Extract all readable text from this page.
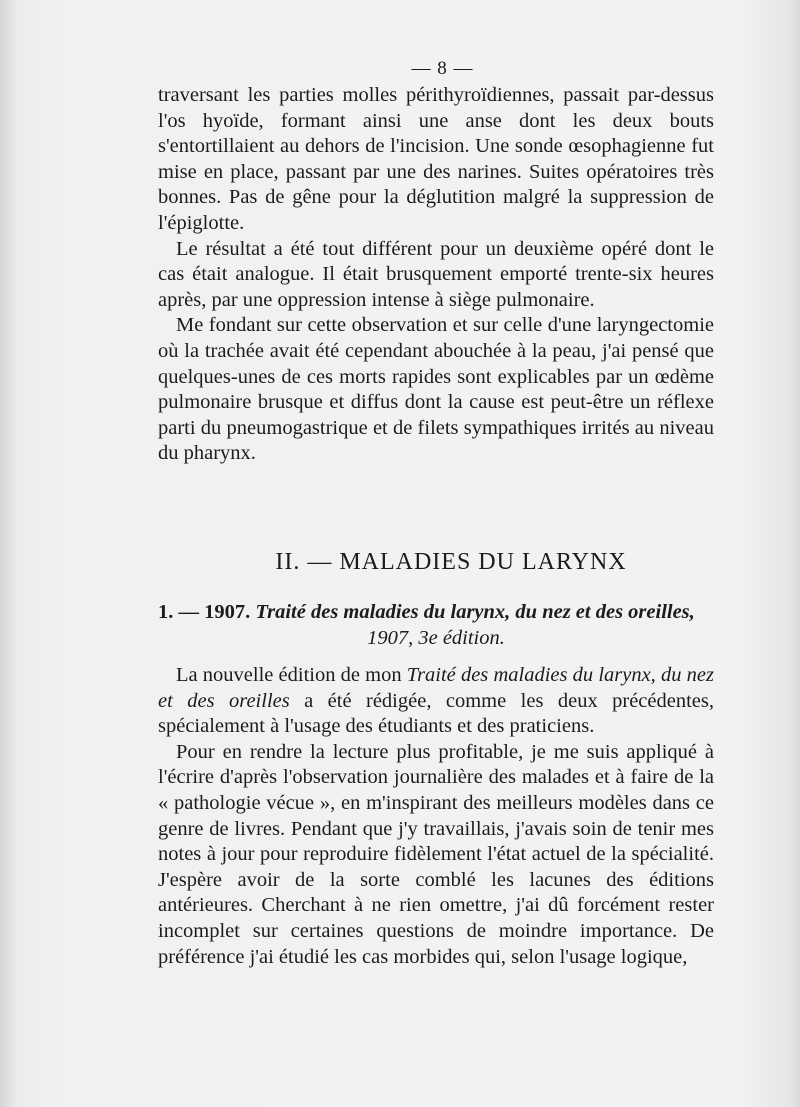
— 8 —

traversant les parties molles périthyroïdiennes, passait par-dessus l'os hyoïde, formant ainsi une anse dont les deux bouts s'entortillaient au dehors de l'incision. Une sonde œsophagienne fut mise en place, passant par une des narines. Suites opératoires très bonnes. Pas de gêne pour la déglutition malgré la suppression de l'épiglotte.

Le résultat a été tout différent pour un deuxième opéré dont le cas était analogue. Il était brusquement emporté trente-six heures après, par une oppression intense à siège pulmonaire.

Me fondant sur cette observation et sur celle d'une laryngectomie où la trachée avait été cependant abouchée à la peau, j'ai pensé que quelques-unes de ces morts rapides sont explicables par un œdème pulmonaire brusque et diffus dont la cause est peut-être un réflexe parti du pneumogastrique et de filets sympathiques irrités au niveau du pharynx.

II. — MALADIES DU LARYNX
1. — 1907. Traité des maladies du larynx, du nez et des oreilles,
1907, 3e édition.

La nouvelle édition de mon Traité des maladies du larynx, du nez et des oreilles a été rédigée, comme les deux précédentes, spécialement à l'usage des étudiants et des praticiens.

Pour en rendre la lecture plus profitable, je me suis appliqué à l'écrire d'après l'observation journalière des malades et à faire de la « pathologie vécue », en m'inspirant des meilleurs modèles dans ce genre de livres. Pendant que j'y travaillais, j'avais soin de tenir mes notes à jour pour reproduire fidèlement l'état actuel de la spécialité. J'espère avoir de la sorte comblé les lacunes des éditions antérieures. Cherchant à ne rien omettre, j'ai dû forcément rester incomplet sur certaines questions de moindre importance. De préférence j'ai étudié les cas morbides qui, selon l'usage logique,
